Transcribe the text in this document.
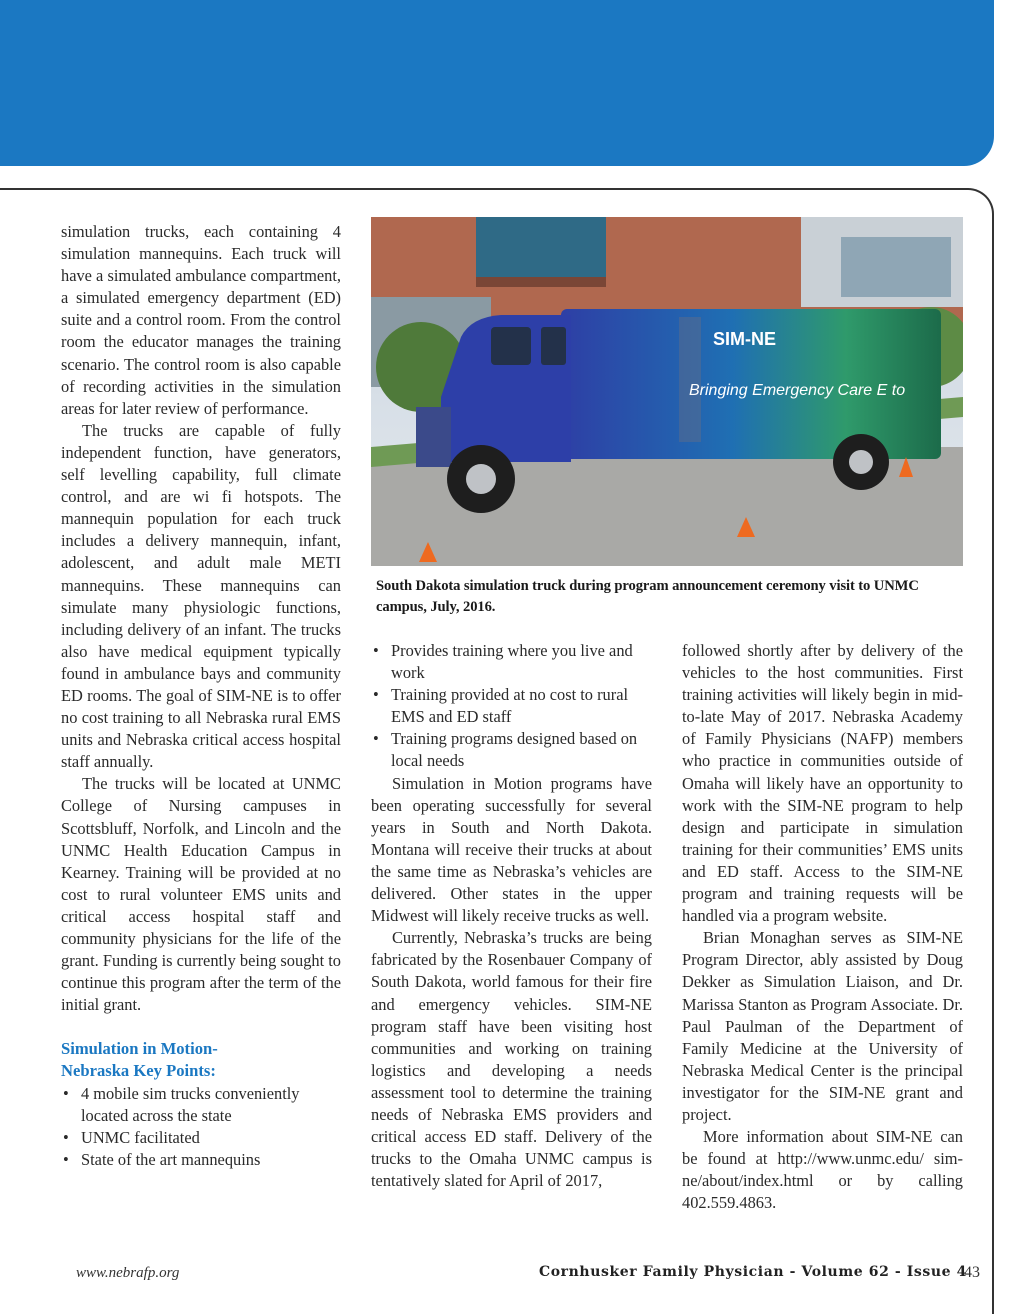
simulation trucks, each containing 4 simulation mannequins. Each truck will have a simulated ambulance compartment, a simulated emergency department (ED) suite and a control room. From the control room the educator manages the training scenario. The control room is also capable of recording activities in the simulation areas for later review of performance.

The trucks are capable of fully independent function, have generators, self levelling capability, full climate control, and are wi fi hotspots. The mannequin population for each truck includes a delivery mannequin, infant, adolescent, and adult male METI mannequins. These mannequins can simulate many physiologic functions, including delivery of an infant. The trucks also have medical equipment typically found in ambulance bays and community ED rooms. The goal of SIM-NE is to offer no cost training to all Nebraska rural EMS units and Nebraska critical access hospital staff annually.

The trucks will be located at UNMC College of Nursing campuses in Scottsbluff, Norfolk, and Lincoln and the UNMC Health Education Campus in Kearney. Training will be provided at no cost to rural volunteer EMS units and critical access hospital staff and community physicians for the life of the grant. Funding is currently being sought to continue this program after the term of the initial grant.

Simulation in Motion-
Nebraska Key Points:
• 4 mobile sim trucks conveniently located across the state
• UNMC facilitated
• State of the art mannequins
SIM-NE
Bringing Emergency Care E to
South Dakota simulation truck during program announcement ceremony visit to UNMC campus, July, 2016.
• Provides training where you live and work
• Training provided at no cost to rural EMS and ED staff
• Training programs designed based on local needs

Simulation in Motion programs have been operating successfully for several years in South and North Dakota. Montana will receive their trucks at about the same time as Nebraska’s vehicles are delivered. Other states in the upper Midwest will likely receive trucks as well.

Currently, Nebraska’s trucks are being fabricated by the Rosenbauer Company of South Dakota, world famous for their fire and emergency vehicles. SIM-NE program staff have been visiting host communities and working on training logistics and developing a needs assessment tool to determine the training needs of Nebraska EMS providers and critical access ED staff. Delivery of the trucks to the Omaha UNMC campus is tentatively slated for April of 2017,

followed shortly after by delivery of the vehicles to the host communities. First training activities will likely begin in mid-to-late May of 2017. Nebraska Academy of Family Physicians (NAFP) members who practice in communities outside of Omaha will likely have an opportunity to work with the SIM-NE program to help design and participate in simulation training for their communities’ EMS units and ED staff. Access to the SIM-NE program and training requests will be handled via a program website.

Brian Monaghan serves as SIM-NE Program Director, ably assisted by Doug Dekker as Simulation Liaison, and Dr. Marissa Stanton as Program Associate. Dr. Paul Paulman of the Department of Family Medicine at the University of Nebraska Medical Center is the principal investigator for the SIM-NE grant and project.

More information about SIM-NE can be found at http://www.unmc.edu/ sim-ne/about/index.html or by calling 402.559.4863.

www.nebrafp.org	Cornhusker Family Physician - Volume 62 - Issue 4
43
